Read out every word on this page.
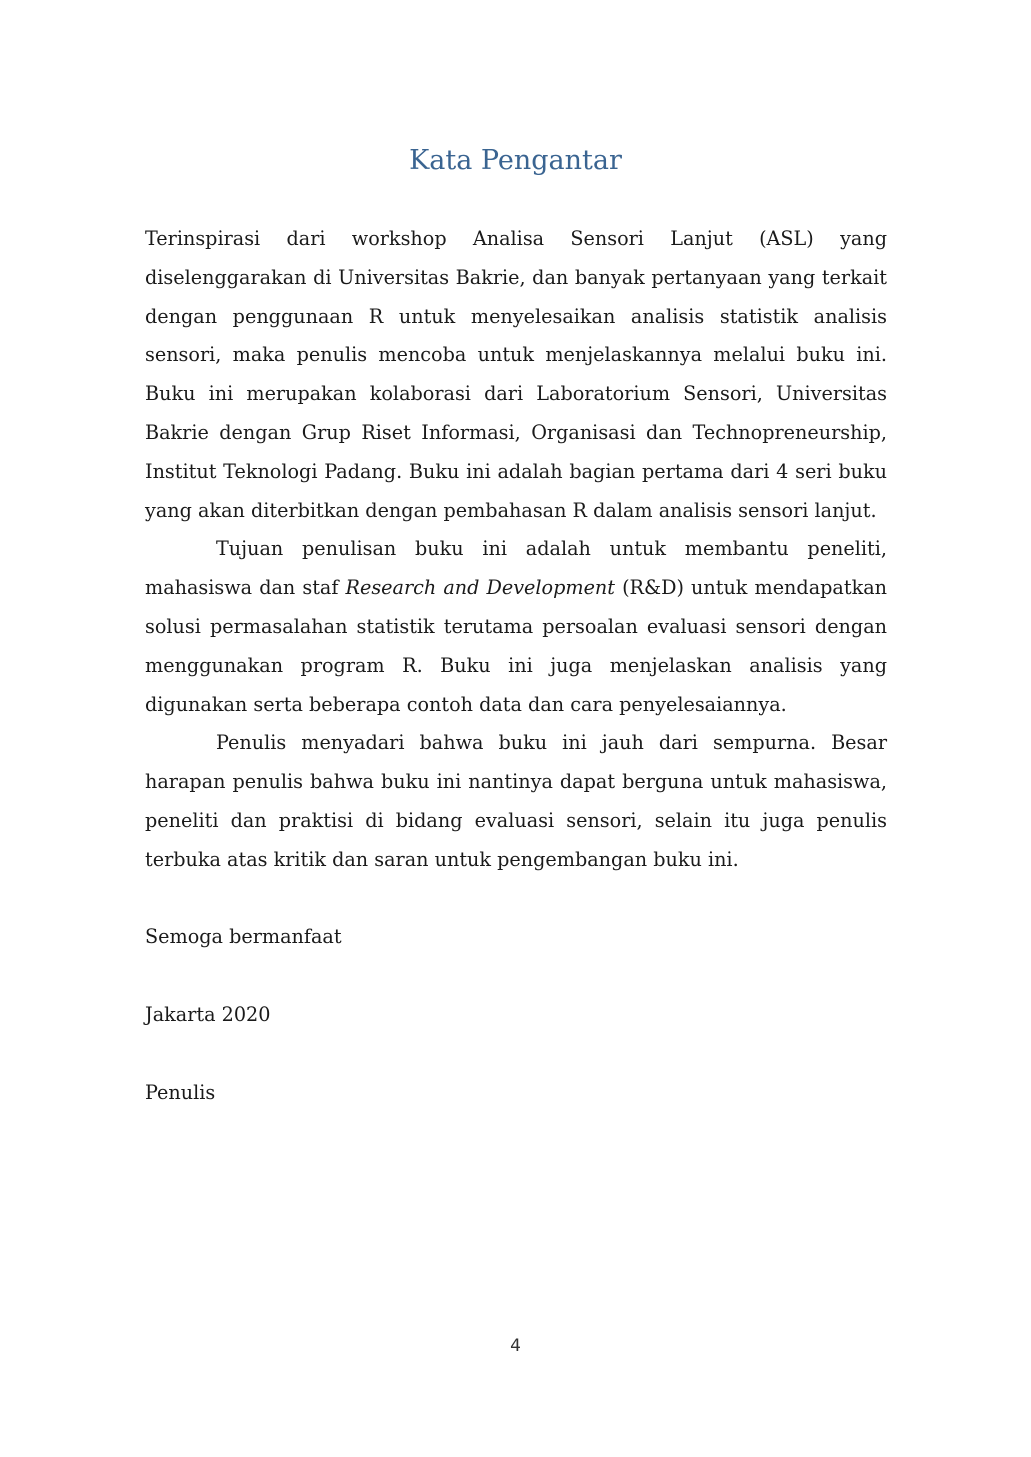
Kata Pengantar

Terinspirasi dari workshop Analisa Sensori Lanjut (ASL) yang diselenggarakan di Universitas Bakrie, dan banyak pertanyaan yang terkait dengan penggunaan R untuk menyelesaikan analisis statistik analisis sensori, maka penulis mencoba untuk menjelaskannya melalui buku ini. Buku ini merupakan kolaborasi dari Laboratorium Sensori, Universitas Bakrie dengan Grup Riset Informasi, Organisasi dan Technopreneurship, Institut Teknologi Padang. Buku ini adalah bagian pertama dari 4 seri buku yang akan diterbitkan dengan pembahasan R dalam analisis sensori lanjut.

Tujuan penulisan buku ini adalah untuk membantu peneliti, mahasiswa dan staf Research and Development (R&D) untuk mendapatkan solusi permasalahan statistik terutama persoalan evaluasi sensori dengan menggunakan program R. Buku ini juga menjelaskan analisis yang digunakan serta beberapa contoh data dan cara penyelesaiannya.

Penulis menyadari bahwa buku ini jauh dari sempurna. Besar harapan penulis bahwa buku ini nantinya dapat berguna untuk mahasiswa, peneliti dan praktisi di bidang evaluasi sensori, selain itu juga penulis terbuka atas kritik dan saran untuk pengembangan buku ini.

Semoga bermanfaat

Jakarta 2020

Penulis

4
